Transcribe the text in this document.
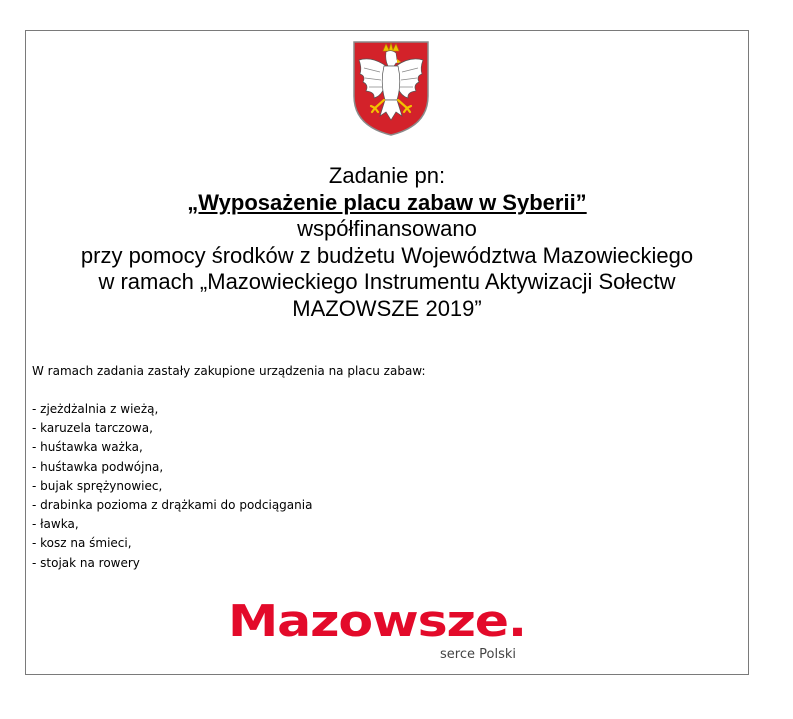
Zadanie pn:
„Wyposażenie placu zabaw w Syberii”
współfinansowano
przy pomocy środków z budżetu Województwa Mazowieckiego
w ramach „Mazowieckiego Instrumentu Aktywizacji Sołectw
MAZOWSZE 2019”
W ramach zadania zastały zakupione urządzenia na placu zabaw:
- zjeżdżalnia z wieżą,
- karuzela tarczowa,
- huśtawka ważka,
- huśtawka podwójna,
- bujak sprężynowiec,
- drabinka pozioma z drążkami do podciągania
- ławka,
- kosz na śmieci,
- stojak na rowery
Mazowsze.
serce Polski
